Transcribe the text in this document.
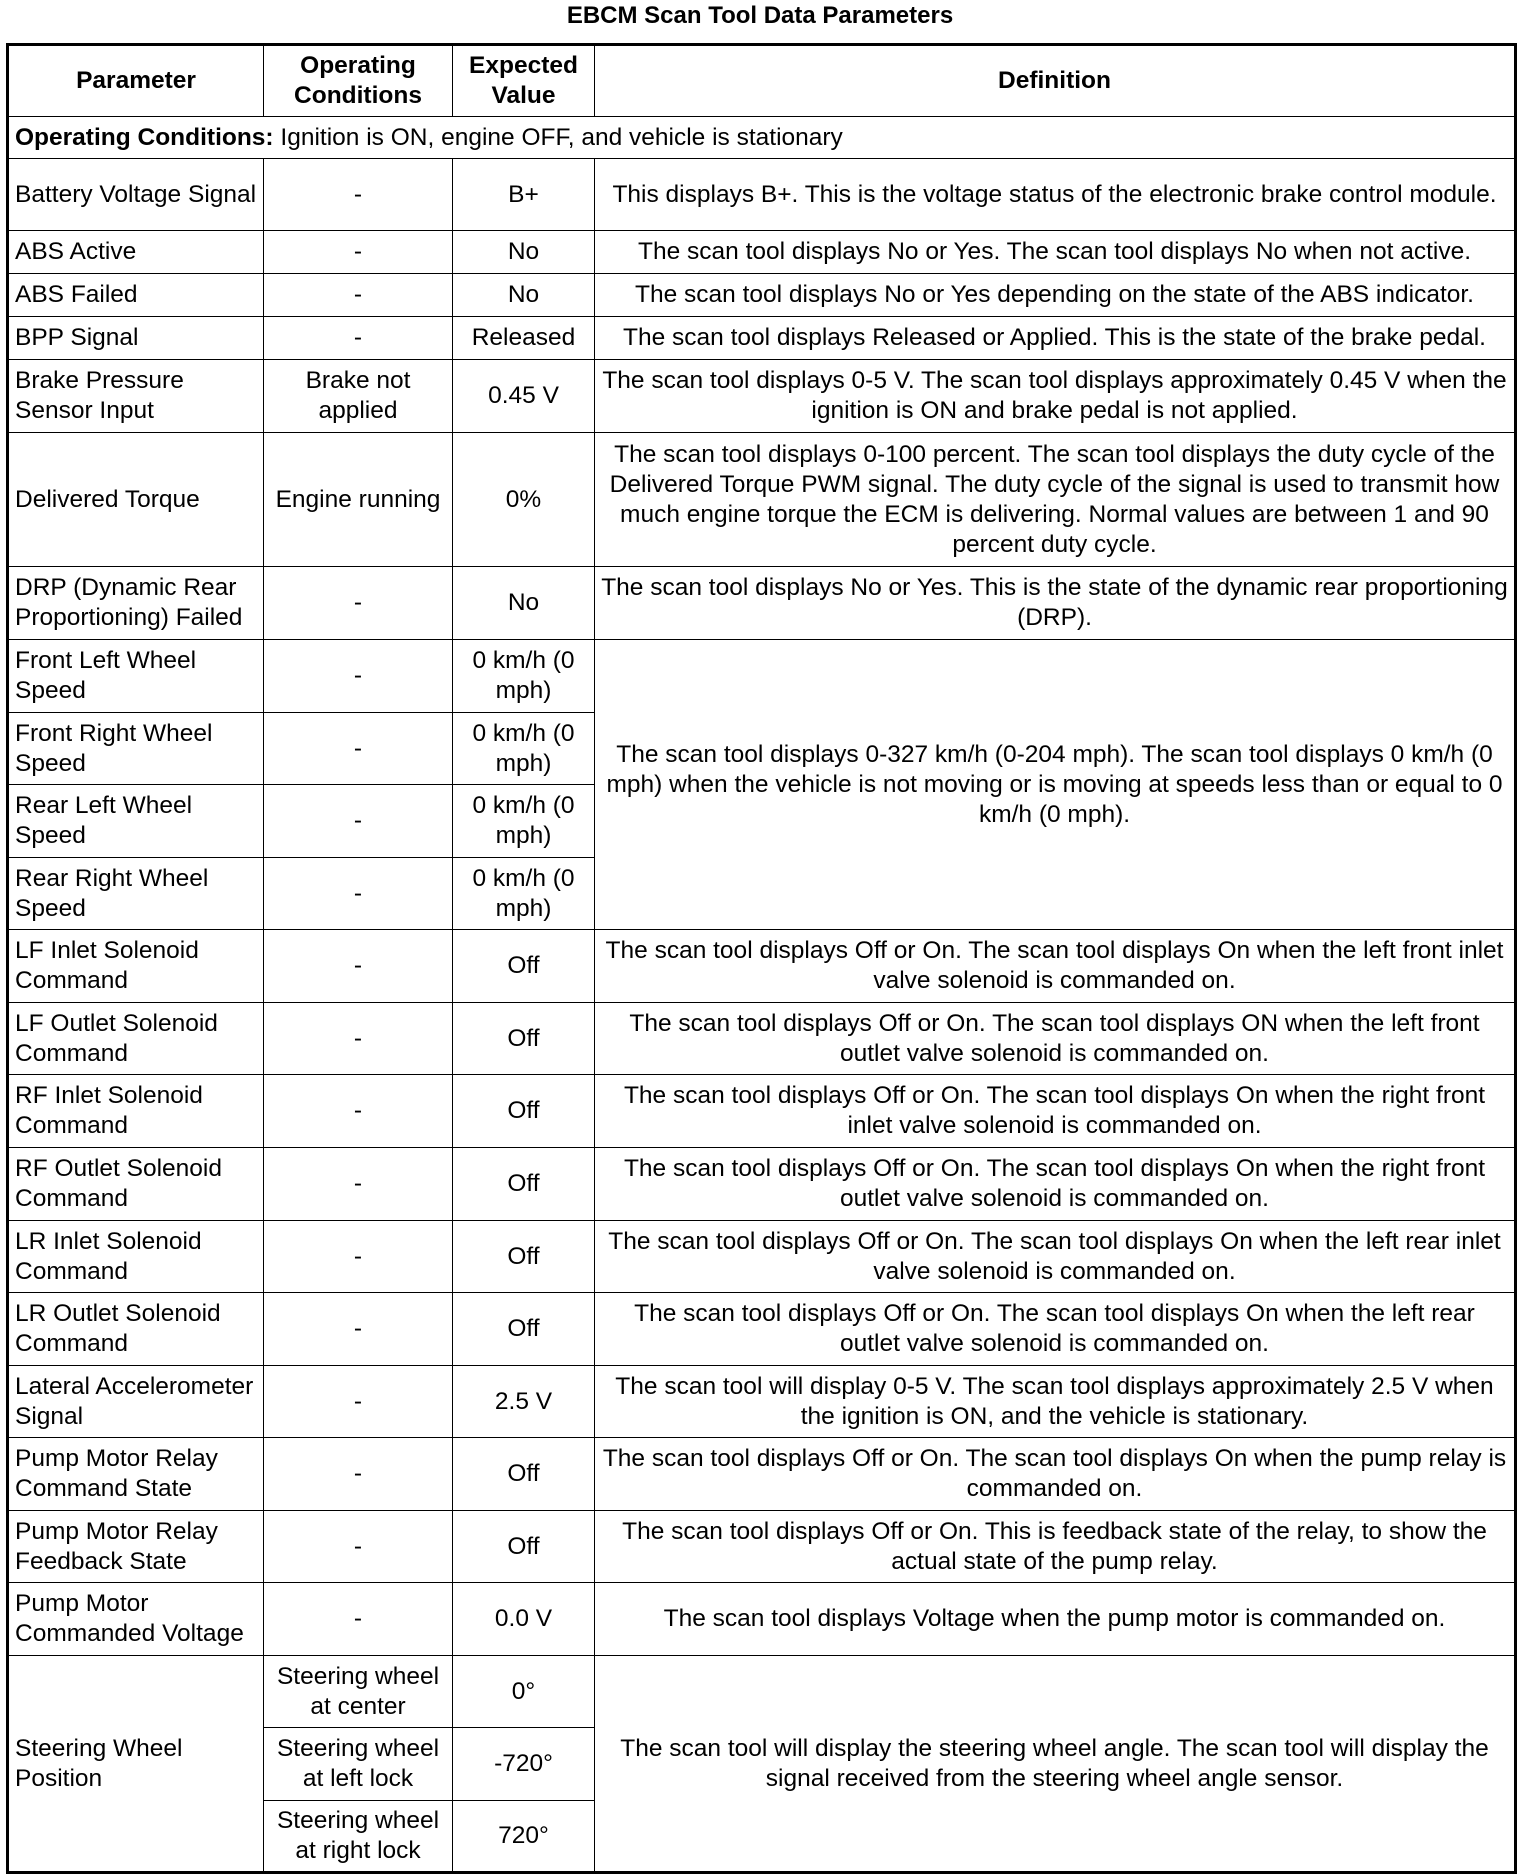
EBCM Scan Tool Data Parameters
Parameter	Operating Conditions	Expected Value	Definition
Operating Conditions: Ignition is ON, engine OFF, and vehicle is stationary			
Battery Voltage Signal	-	B+	This displays B+. This is the voltage status of the electronic brake control module.
ABS Active	-	No	The scan tool displays No or Yes. The scan tool displays No when not active.
ABS Failed	-	No	The scan tool displays No or Yes depending on the state of the ABS indicator.
BPP Signal	-	Released	The scan tool displays Released or Applied. This is the state of the brake pedal.
Brake Pressure Sensor Input	Brake not applied	0.45 V	The scan tool displays 0-5 V. The scan tool displays approximately 0.45 V when the ignition is ON and brake pedal is not applied.
Delivered Torque	Engine running	0%	The scan tool displays 0-100 percent. The scan tool displays the duty cycle of the Delivered Torque PWM signal. The duty cycle of the signal is used to transmit how much engine torque the ECM is delivering. Normal values are between 1 and 90 percent duty cycle.
DRP (Dynamic Rear Proportioning) Failed	-	No	The scan tool displays No or Yes. This is the state of the dynamic rear proportioning (DRP).
Front Left Wheel Speed	-	0 km/h (0 mph)	The scan tool displays 0-327 km/h (0-204 mph). The scan tool displays 0 km/h (0 mph) when the vehicle is not moving or is moving at speeds less than or equal to 0 km/h (0 mph).
Front Right Wheel Speed	-	0 km/h (0 mph)	
Rear Left Wheel Speed	-	0 km/h (0 mph)	
Rear Right Wheel Speed	-	0 km/h (0 mph)	
LF Inlet Solenoid Command	-	Off	The scan tool displays Off or On. The scan tool displays On when the left front inlet valve solenoid is commanded on.
LF Outlet Solenoid Command	-	Off	The scan tool displays Off or On. The scan tool displays ON when the left front outlet valve solenoid is commanded on.
RF Inlet Solenoid Command	-	Off	The scan tool displays Off or On. The scan tool displays On when the right front inlet valve solenoid is commanded on.
RF Outlet Solenoid Command	-	Off	The scan tool displays Off or On. The scan tool displays On when the right front outlet valve solenoid is commanded on.
LR Inlet Solenoid Command	-	Off	The scan tool displays Off or On. The scan tool displays On when the left rear inlet valve solenoid is commanded on.
LR Outlet Solenoid Command	-	Off	The scan tool displays Off or On. The scan tool displays On when the left rear outlet valve solenoid is commanded on.
Lateral Accelerometer Signal	-	2.5 V	The scan tool will display 0-5 V. The scan tool displays approximately 2.5 V when the ignition is ON, and the vehicle is stationary.
Pump Motor Relay Command State	-	Off	The scan tool displays Off or On. The scan tool displays On when the pump relay is commanded on.
Pump Motor Relay Feedback State	-	Off	The scan tool displays Off or On. This is feedback state of the relay, to show the actual state of the pump relay.
Pump Motor Commanded Voltage	-	0.0 V	The scan tool displays Voltage when the pump motor is commanded on.
Steering Wheel Position	Steering wheel at center	0°	The scan tool will display the steering wheel angle. The scan tool will display the signal received from the steering wheel angle sensor.
	Steering wheel at left lock	-720°	
	Steering wheel at right lock	720°	
